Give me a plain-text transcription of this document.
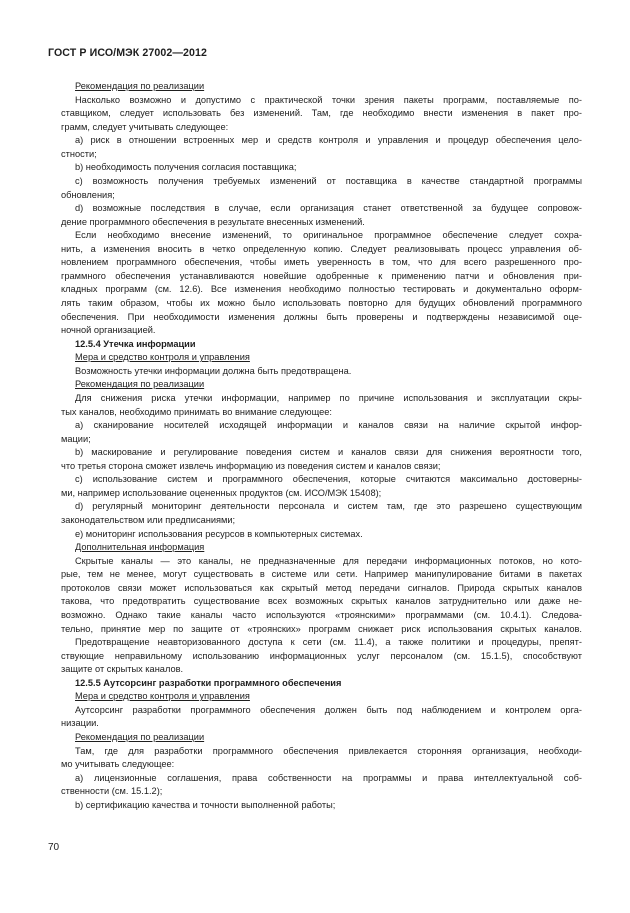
ГОСТ Р ИСО/МЭК 27002—2012
Рекомендация по реализации
Насколько возможно и допустимо с практической точки зрения пакеты программ, поставляемые по-
ставщиком, следует использовать без изменений. Там, где необходимо внести изменения в пакет про-
грамм, следует учитывать следующее:
a) риск в отношении встроенных мер и средств контроля и управления и процедур обеспечения цело-
стности;
b) необходимость получения согласия поставщика;
c) возможность получения требуемых изменений от поставщика в качестве стандартной программы
обновления;
d) возможные последствия в случае, если организация станет ответственной за будущее сопровож-
дение программного обеспечения в результате внесенных изменений.
Если необходимо внесение изменений, то оригинальное программное обеспечение следует сохра-
нить, а изменения вносить в четко определенную копию. Следует реализовывать процесс управления об-
новлением программного обеспечения, чтобы иметь уверенность в том, что для всего разрешенного про-
граммного обеспечения устанавливаются новейшие одобренные к применению патчи и обновления при-
кладных программ (см. 12.6). Все изменения необходимо полностью тестировать и документально оформ-
лять таким образом, чтобы их можно было использовать повторно для будущих обновлений программного
обеспечения. При необходимости изменения должны быть проверены и подтверждены независимой оце-
ночной организацией.
12.5.4 Утечка информации
Мера и средство контроля и управления
Возможность утечки информации должна быть предотвращена.
Рекомендация по реализации
Для снижения риска утечки информации, например по причине использования и эксплуатации скры-
тых каналов, необходимо принимать во внимание следующее:
a) сканирование носителей исходящей информации и каналов связи на наличие скрытой инфор-
мации;
b) маскирование и регулирование поведения систем и каналов связи для снижения вероятности того,
что третья сторона сможет извлечь информацию из поведения систем и каналов связи;
c) использование систем и программного обеспечения, которые считаются максимально достоверны-
ми, например использование оцененных продуктов (см. ИСО/МЭК 15408);
d) регулярный мониторинг деятельности персонала и систем там, где это разрешено существующим
законодательством или предписаниями;
e) мониторинг использования ресурсов в компьютерных системах.
Дополнительная информация
Скрытые каналы — это каналы, не предназначенные для передачи информационных потоков, но кото-
рые, тем не менее, могут существовать в системе или сети. Например манипулирование битами в пакетах
протоколов связи может использоваться как скрытый метод передачи сигналов. Природа скрытых каналов
такова, что предотвратить существование всех возможных скрытых каналов затруднительно или даже не-
возможно. Однако такие каналы часто используются «троянскими» программами (см. 10.4.1). Следова-
тельно, принятие мер по защите от «троянских» программ снижает риск использования скрытых каналов.
Предотвращение неавторизованного доступа к сети (см. 11.4), а также политики и процедуры, препят-
ствующие неправильному использованию информационных услуг персоналом (см. 15.1.5), способствуют
защите от скрытых каналов.
12.5.5 Аутсорсинг разработки программного обеспечения
Мера и средство контроля и управления
Аутсорсинг разработки программного обеспечения должен быть под наблюдением и контролем орга-
низации.
Рекомендация по реализации
Там, где для разработки программного обеспечения привлекается сторонняя организация, необходи-
мо учитывать следующее:
a) лицензионные соглашения, права собственности на программы и права интеллектуальной соб-
ственности (см. 15.1.2);
b) сертификацию качества и точности выполненной работы;
70
